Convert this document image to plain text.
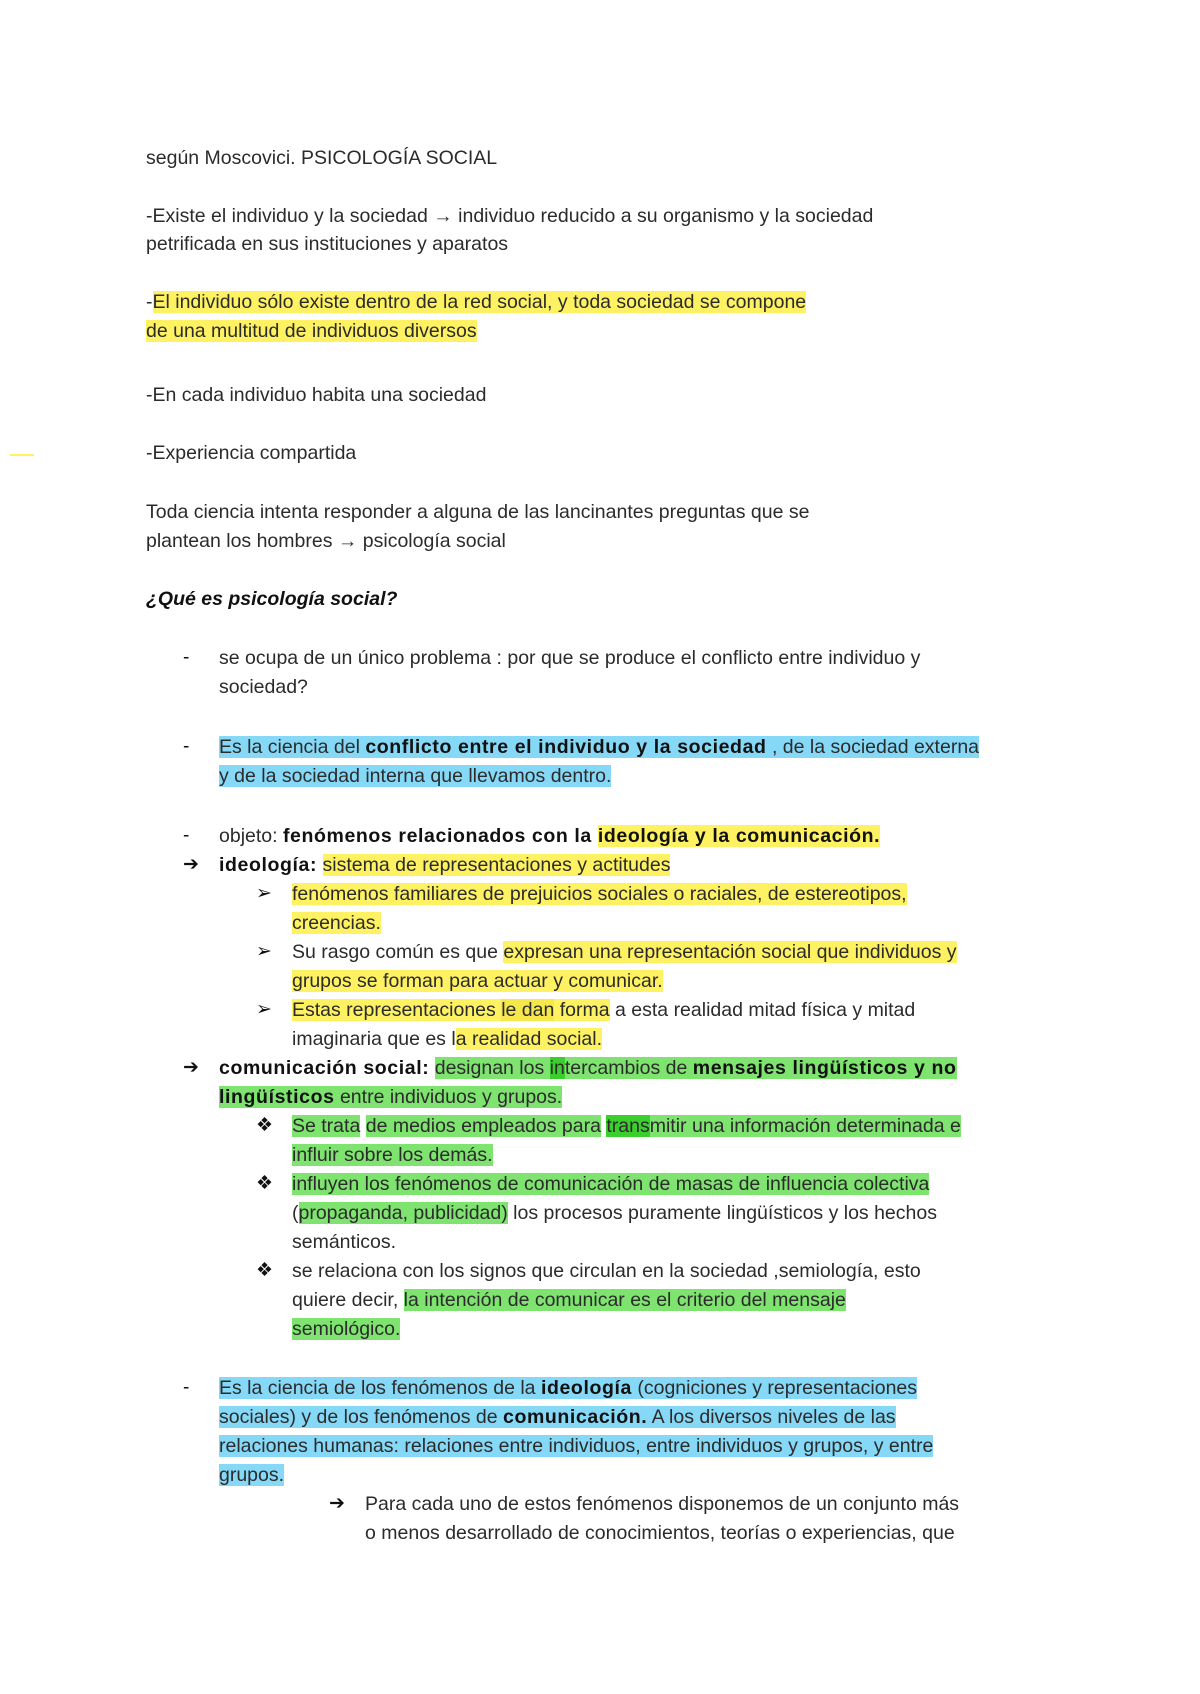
según Moscovici. PSICOLOGÍA SOCIAL
-Existe el individuo y la sociedad → individuo reducido a su organismo y la sociedad
petrificada en sus instituciones y aparatos
-El individuo sólo existe dentro de la red social, y toda sociedad se compone
de una multitud de individuos diversos
-En cada individuo habita una sociedad
-Experiencia compartida
Toda ciencia intenta responder a alguna de las lancinantes preguntas que se
plantean los hombres → psicología social
¿Qué es psicología social?
- se ocupa de un único problema : por que se produce el conflicto entre individuo y
sociedad?
- Es la ciencia del conflicto entre el individuo y la sociedad , de la sociedad externa
y de la sociedad interna que llevamos dentro.
- objeto: fenómenos relacionados con la ideología y la comunicación.
➔ ideología: sistema de representaciones y actitudes
➢ fenómenos familiares de prejuicios sociales o raciales, de estereotipos,
creencias.
➢ Su rasgo común es que expresan una representación social que individuos y
grupos se forman para actuar y comunicar.
➢ Estas representaciones le dan forma a esta realidad mitad física y mitad
imaginaria que es la realidad social.
➔ comunicación social: designan los intercambios de mensajes lingüísticos y no
lingüísticos entre individuos y grupos.
❖ Se trata de medios empleados para transmitir una información determinada e
influir sobre los demás.
❖ influyen los fenómenos de comunicación de masas de influencia colectiva
(propaganda, publicidad) los procesos puramente lingüísticos y los hechos
semánticos.
❖ se relaciona con los signos que circulan en la sociedad ,semiología, esto
quiere decir, la intención de comunicar es el criterio del mensaje
semiológico.
- Es la ciencia de los fenómenos de la ideología (cogniciones y representaciones
sociales) y de los fenómenos de comunicación. A los diversos niveles de las
relaciones humanas: relaciones entre individuos, entre individuos y grupos, y entre
grupos.
➔ Para cada uno de estos fenómenos disponemos de un conjunto más
o menos desarrollado de conocimientos, teorías o experiencias, que
